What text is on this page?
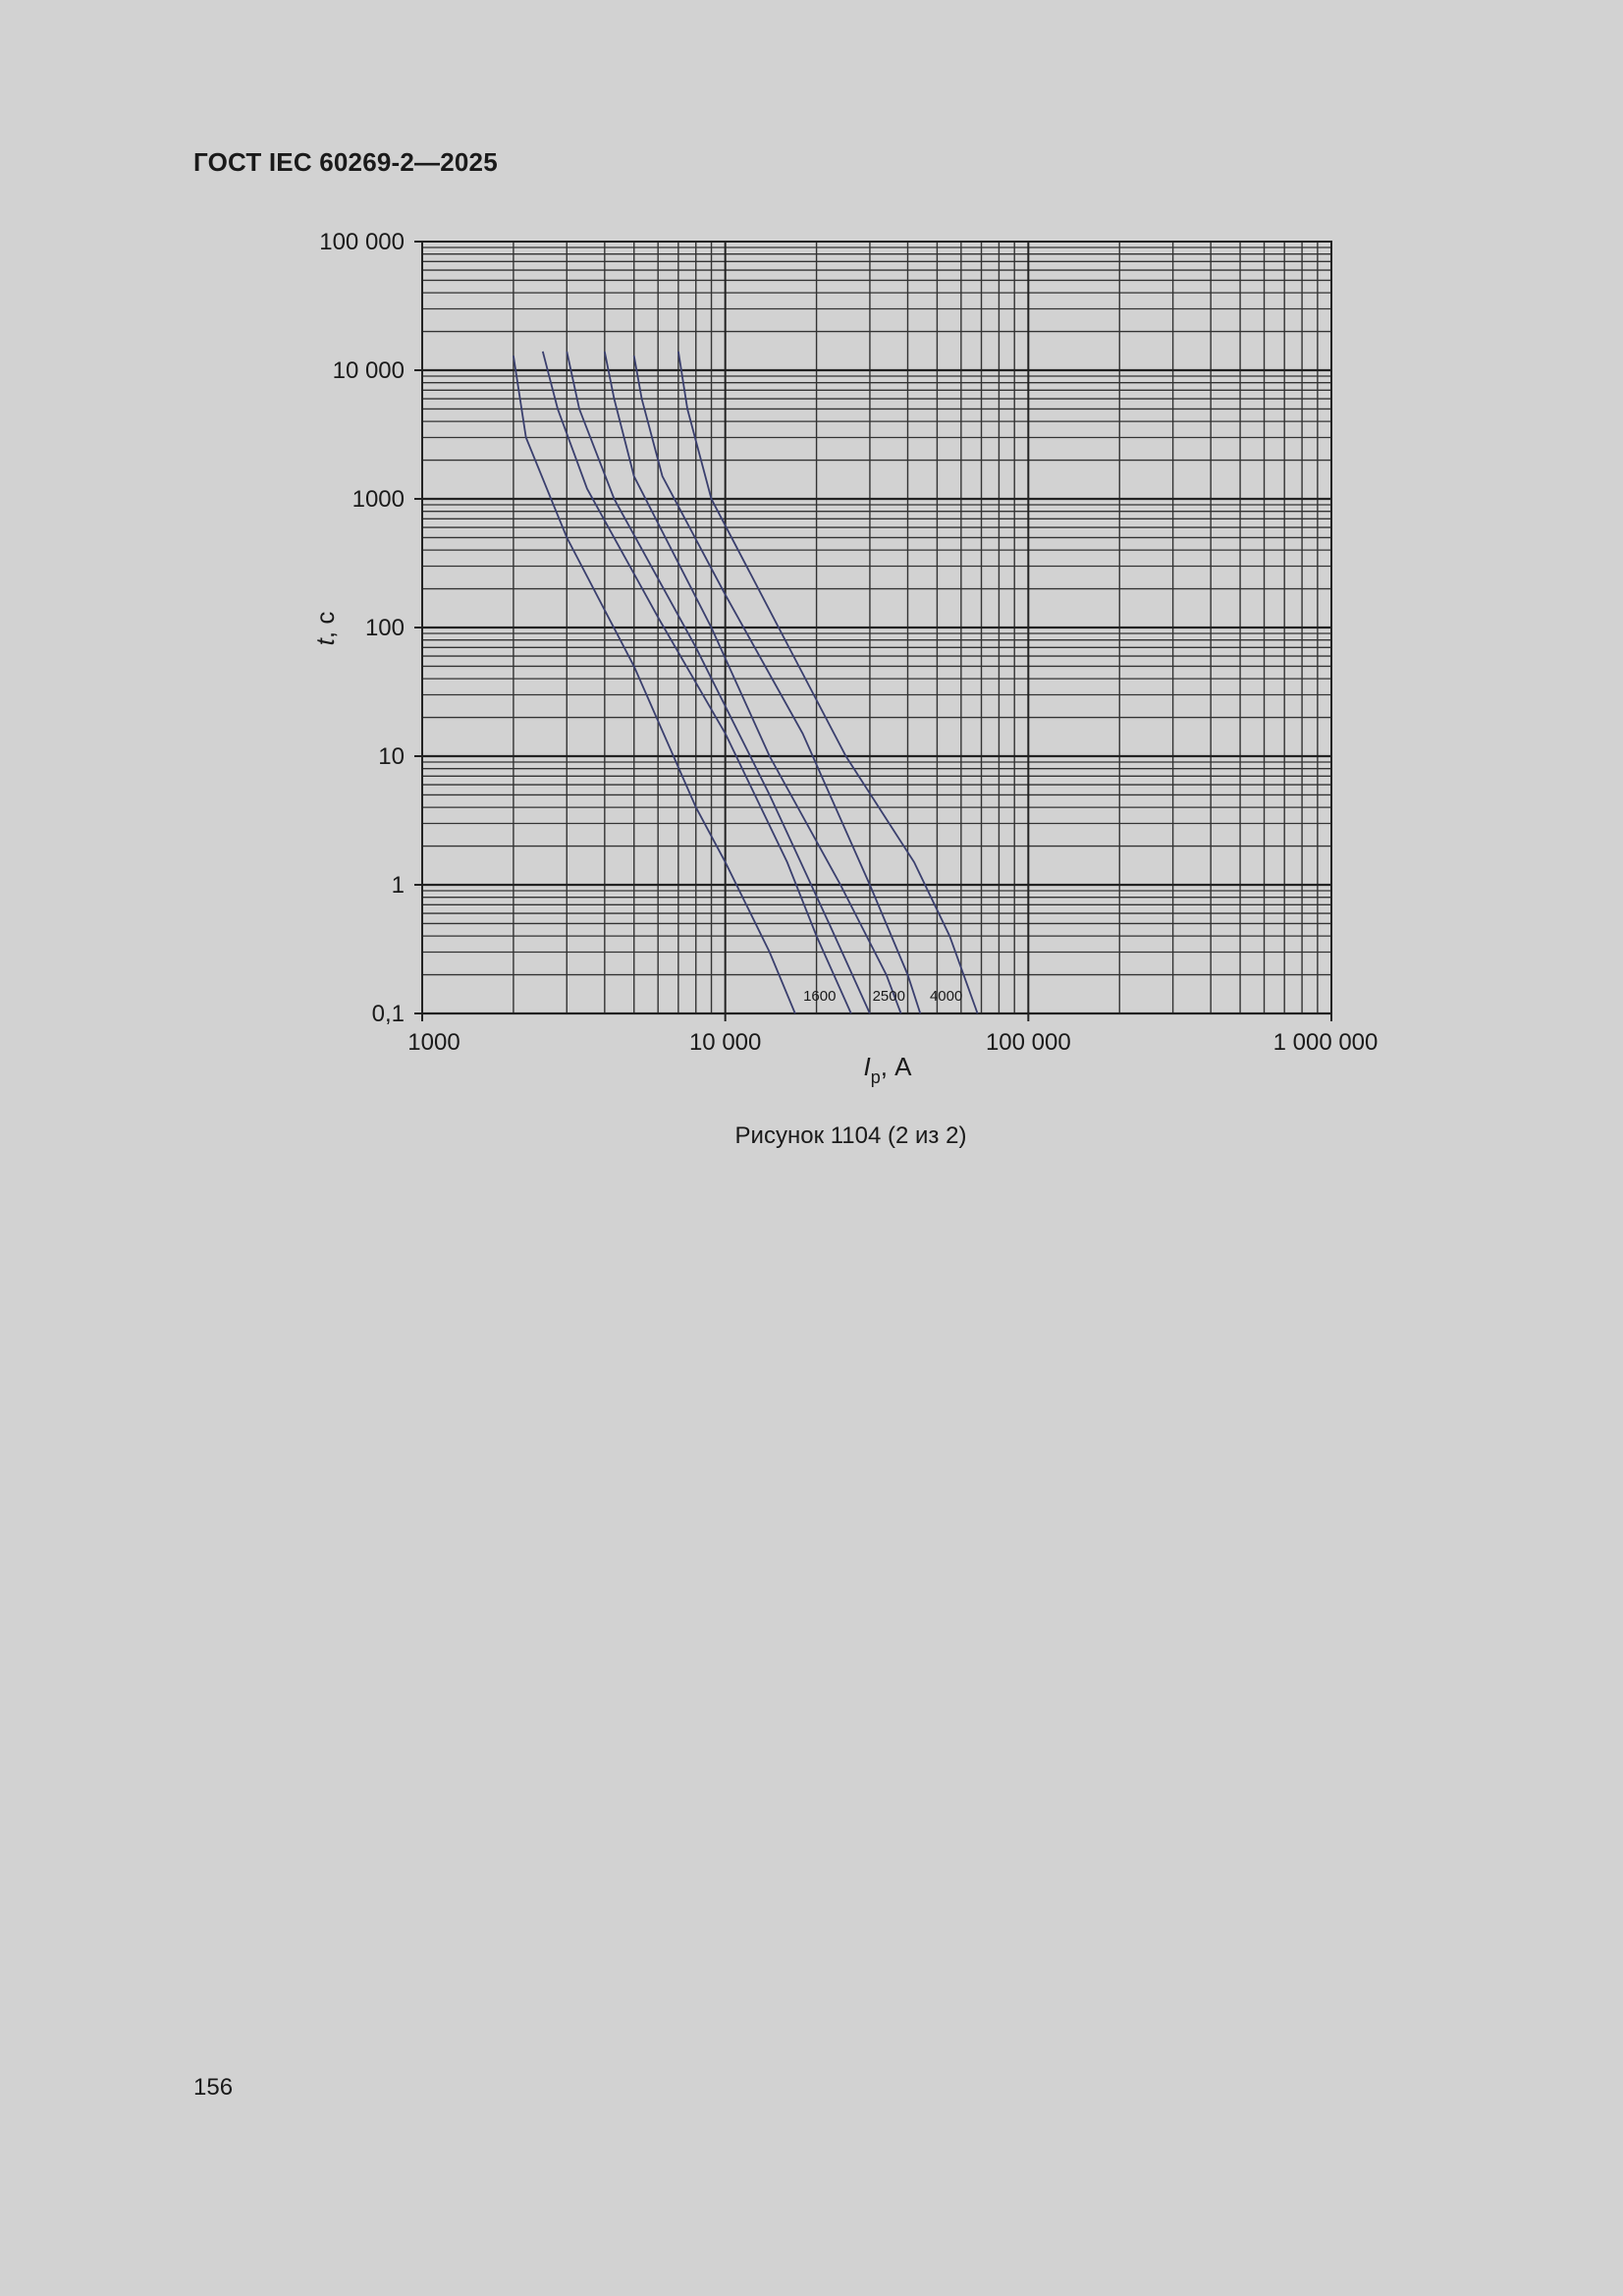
ГОСТ IEC 60269-2—2025
1600 2500 4000
100 000
10 000
1000
100
10
1
0,1
1000	10 000	100 000	1 000 000
t, с
$I_p$, А
Рисунок 1104 (2 из 2)
156
